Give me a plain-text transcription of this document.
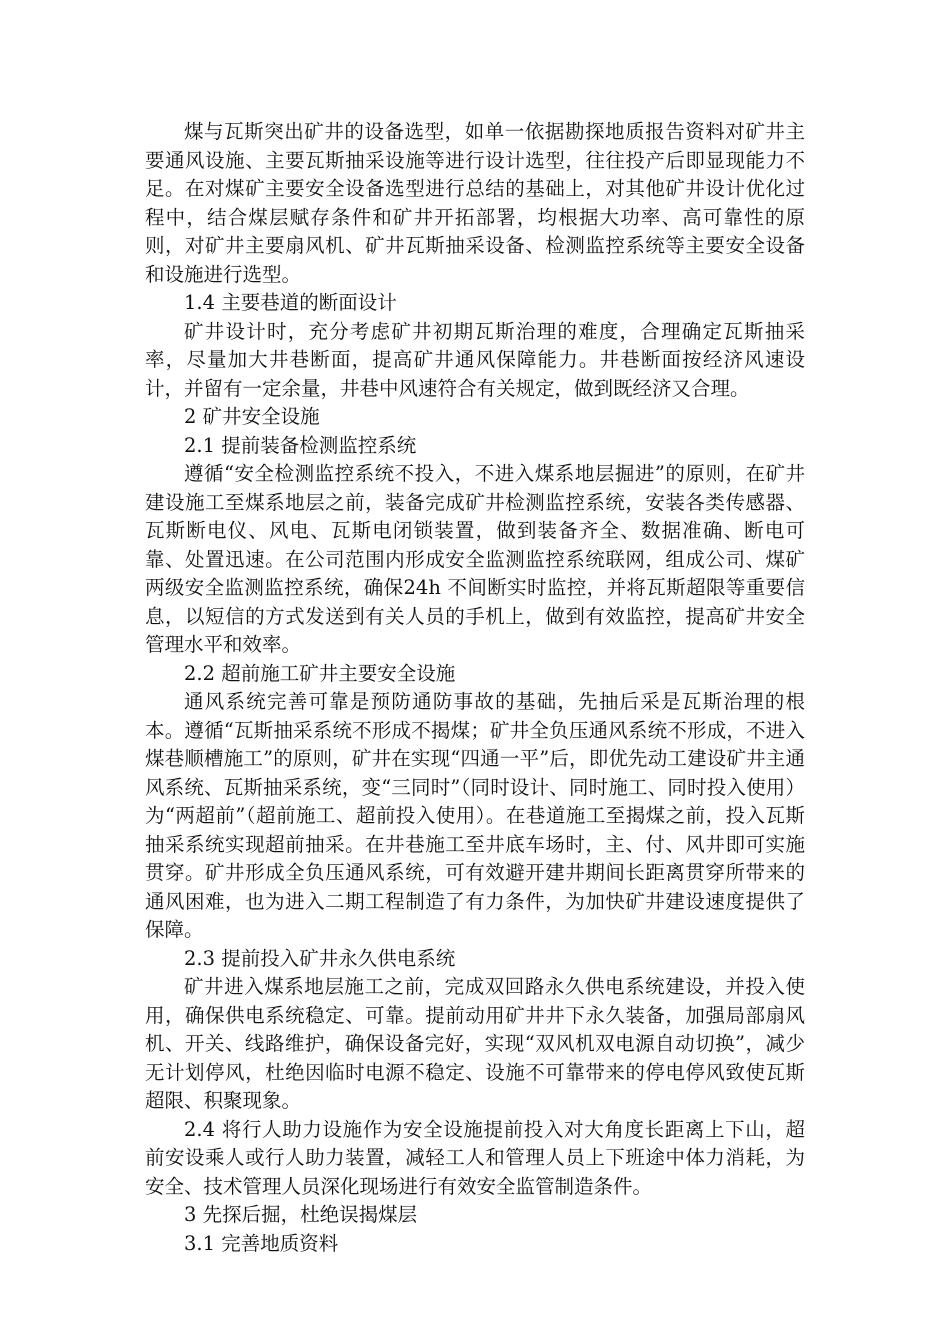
煤与瓦斯突出矿井的设备选型，如单一依据勘探地质报告资料对矿井主要通风设施、主要瓦斯抽采设施等进行设计选型，往往投产后即显现能力不足。在对煤矿主要安全设备选型进行总结的基础上，对其他矿井设计优化过程中，结合煤层赋存条件和矿井开拓部署，均根据大功率、高可靠性的原则，对矿井主要扇风机、矿井瓦斯抽采设备、检测监控系统等主要安全设备和设施进行选型。

1.4 主要巷道的断面设计

矿井设计时，充分考虑矿井初期瓦斯治理的难度，合理确定瓦斯抽采率，尽量加大井巷断面，提高矿井通风保障能力。井巷断面按经济风速设计，并留有一定余量，井巷中风速符合有关规定，做到既经济又合理。

2 矿井安全设施

2.1 提前装备检测监控系统

遵循“安全检测监控系统不投入，不进入煤系地层掘进”的原则，在矿井建设施工至煤系地层之前，装备完成矿井检测监控系统，安装各类传感器、瓦斯断电仪、风电、瓦斯电闭锁装置，做到装备齐全、数据准确、断电可靠、处置迅速。在公司范围内形成安全监测监控系统联网，组成公司、煤矿两级安全监测监控系统，确保24h 不间断实时监控，并将瓦斯超限等重要信息，以短信的方式发送到有关人员的手机上，做到有效监控，提高矿井安全管理水平和效率。

2.2 超前施工矿井主要安全设施

通风系统完善可靠是预防通防事故的基础，先抽后采是瓦斯治理的根本。遵循“瓦斯抽采系统不形成不揭煤；矿井全负压通风系统不形成，不进入煤巷顺槽施工”的原则，矿井在实现“四通一平”后，即优先动工建设矿井主通风系统、瓦斯抽采系统，变“三同时”（同时设计、同时施工、同时投入使用）为“两超前”（超前施工、超前投入使用）。在巷道施工至揭煤之前，投入瓦斯抽采系统实现超前抽采。在井巷施工至井底车场时，主、付、风井即可实施贯穿。矿井形成全负压通风系统，可有效避开建井期间长距离贯穿所带来的通风困难，也为进入二期工程制造了有力条件，为加快矿井建设速度提供了保障。

2.3 提前投入矿井永久供电系统

矿井进入煤系地层施工之前，完成双回路永久供电系统建设，并投入使用，确保供电系统稳定、可靠。提前动用矿井井下永久装备，加强局部扇风机、开关、线路维护，确保设备完好，实现“双风机双电源自动切换”，减少无计划停风，杜绝因临时电源不稳定、设施不可靠带来的停电停风致使瓦斯超限、积聚现象。

2.4 将行人助力设施作为安全设施提前投入对大角度长距离上下山，超前安设乘人或行人助力装置，减轻工人和管理人员上下班途中体力消耗，为安全、技术管理人员深化现场进行有效安全监管制造条件。

3 先探后掘，杜绝误揭煤层

3.1 完善地质资料
